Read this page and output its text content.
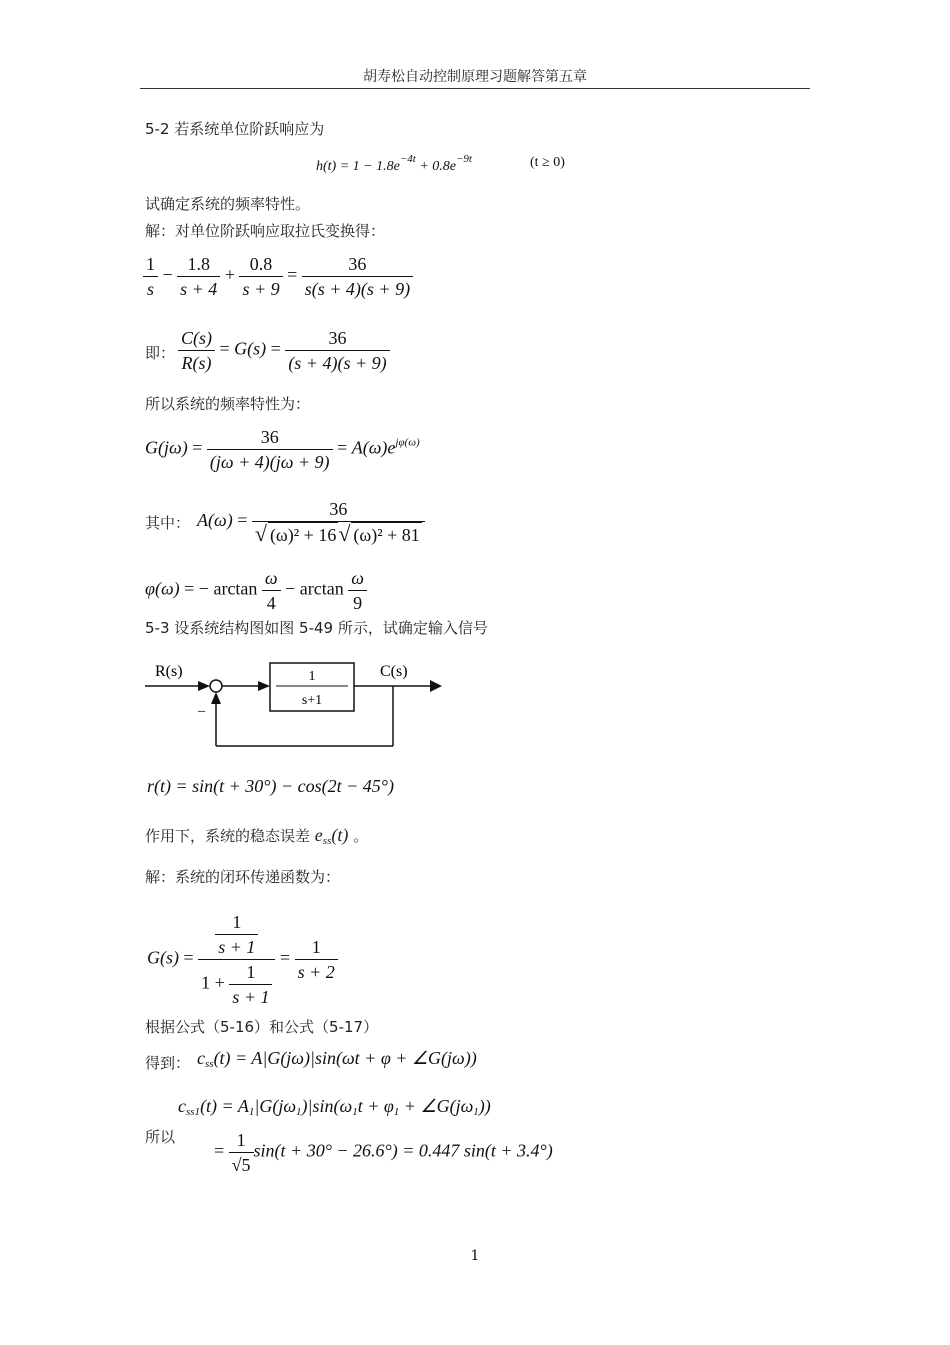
胡寿松自动控制原理习题解答第五章
5-2 若系统单位阶跃响应为
$h(t) = 1 - 1.8e^{-4t} + 0.8e^{-9t}$	(t ≥ 0)
试确定系统的频率特性。
解：对单位阶跃响应取拉氏变换得：
$\frac{1}{s} - \frac{1.8}{s + 4} + \frac{0.8}{s + 9} = \frac{36}{s(s + 4)(s + 9)}$
即： $\frac{C(s)}{R(s)} = G(s) = \frac{36}{(s + 4)(s + 9)}$
所以系统的频率特性为：
$G(j\omega) = \frac{36}{(j\omega + 4)(j\omega + 9)} = A(\omega)e^{j\varphi(\omega)}$
其中： $A(\omega) = \frac{36}{\text{√ (ω)² + 16√ (ω)² + 81}}$
φ(ω) = − $\arctan \frac{\omega}{4} - \arctan \frac{\omega}{9}$
5-3 设系统结构图如图 5-49 所示，试确定输入信号
R(s)	C(s)
_
1
s+1
r(t) = sin(t + 30°) − cos(2t − 45°)
作用下，系统的稳态误差 $e_{ss}(t)$ 。
解：系统的闭环传递函数为：
$G(s) = \frac{\frac{1}{s + 1}}{1 + \frac{1}{s + 1}} = \frac{1}{s + 2}$
根据公式（5-16）和公式（5-17）
得到： $c_{ss}(t) = A|G(j\omega)|\sin(\omega t + \varphi$ + ∠G(jω))
$c_{ss1}(t) = A_1|G(j\omega_1)|\sin(\omega_1t + \varphi_1$ + $\angle G(j\omega_1)$)
所以
= $\frac{1}{√5} \sin(t + 30^\circ - 26.6^\circ) = 0.447$ sin(t + 3.4°)
1
